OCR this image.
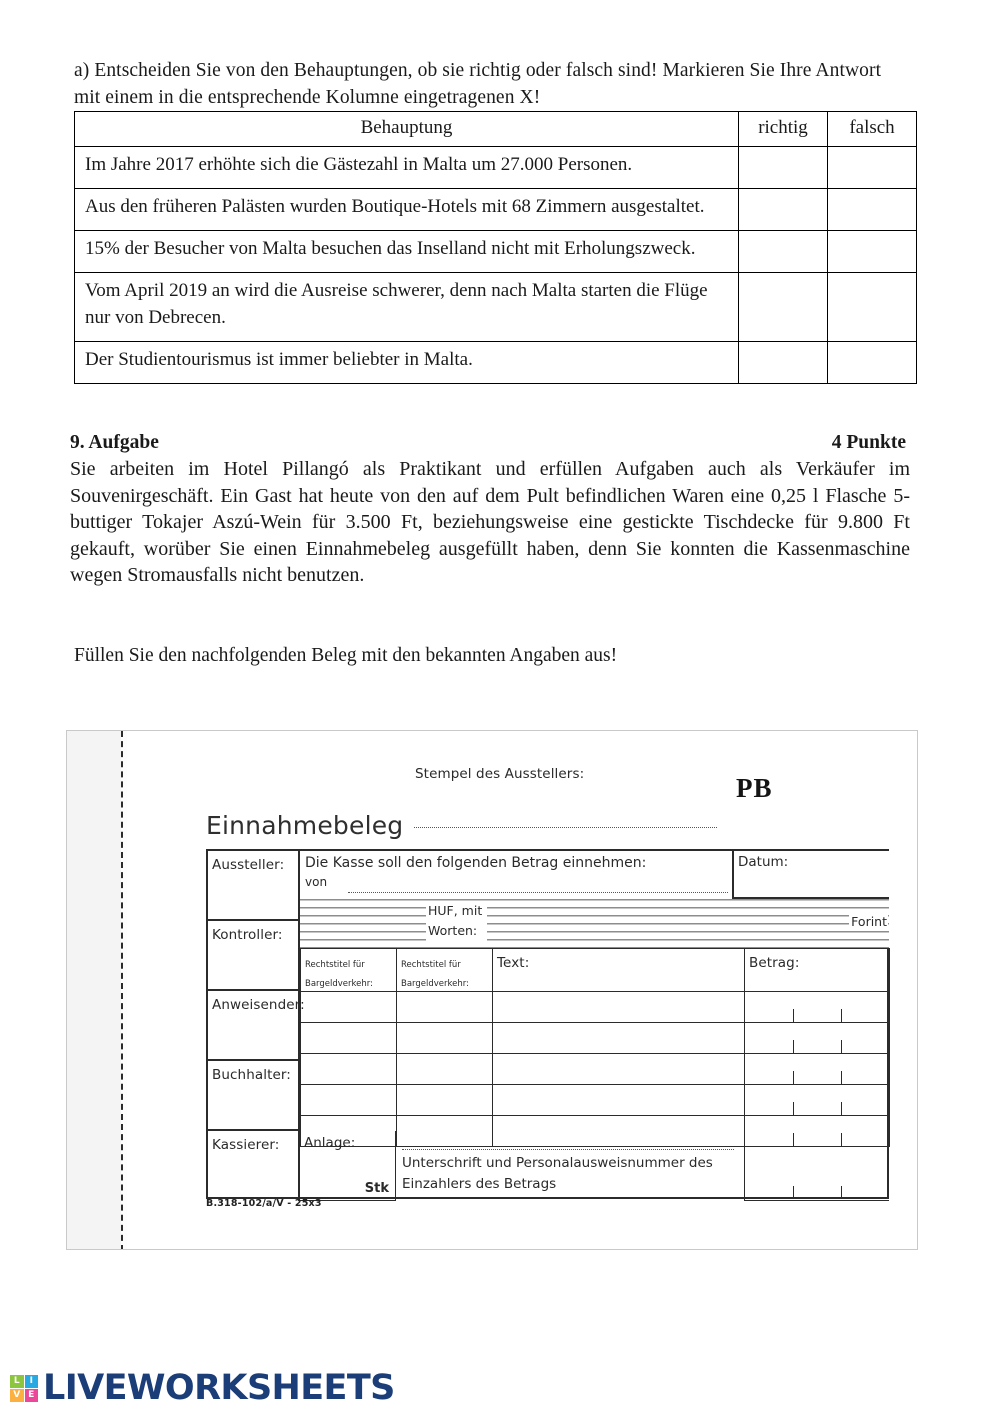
a) Entscheiden Sie von den Behauptungen, ob sie richtig oder falsch sind! Markieren Sie Ihre Antwort mit einem in die entsprechende Kolumne eingetragenen X!
Behauptung	richtig	falsch
Im Jahre 2017 erhöhte sich die Gästezahl in Malta um 27.000 Personen.		
Aus den früheren Palästen wurden Boutique-Hotels mit 68 Zimmern ausgestaltet.		
15% der Besucher von Malta besuchen das Inselland nicht mit Erholungszweck.		
Vom April 2019 an wird die Ausreise schwerer, denn nach Malta starten die Flüge nur von Debrecen.		
Der Studientourismus ist immer beliebter in Malta.		
9. Aufgabe	4 Punkte
Sie arbeiten im Hotel Pillangó als Praktikant und erfüllen Aufgaben auch als Verkäufer im Souvenirgeschäft. Ein Gast hat heute von den auf dem Pult befindlichen Waren eine 0,25 l Flasche 5-buttiger Tokajer Aszú-Wein für 3.500 Ft, beziehungsweise eine gestickte Tischdecke für 9.800 Ft gekauft, worüber Sie einen Einnahmebeleg ausgefüllt haben, denn Sie konnten die Kassenmaschine wegen Stromausfalls nicht benutzen.
Füllen Sie den nachfolgenden Beleg mit den bekannten Angaben aus!
Stempel des Ausstellers:	PB
Einnahmebeleg
Aussteller:
Kontroller:
Anweisender:
Buchhalter:
Kassierer:
Die Kasse soll den folgenden Betrag einnehmen:
von
Datum:
HUF, mit
Worten:
Forint
Rechtstitel für Bargeldverkehr:	Rechtstitel für Bargeldverkehr:	Text:	Betrag:

Anlage:
Stk
Unterschrift und Personalausweisnummer des
Einzahlers des Betrags
B.318-102/a/V - 25x3
L	I
V E LIVEWORKSHEETS
